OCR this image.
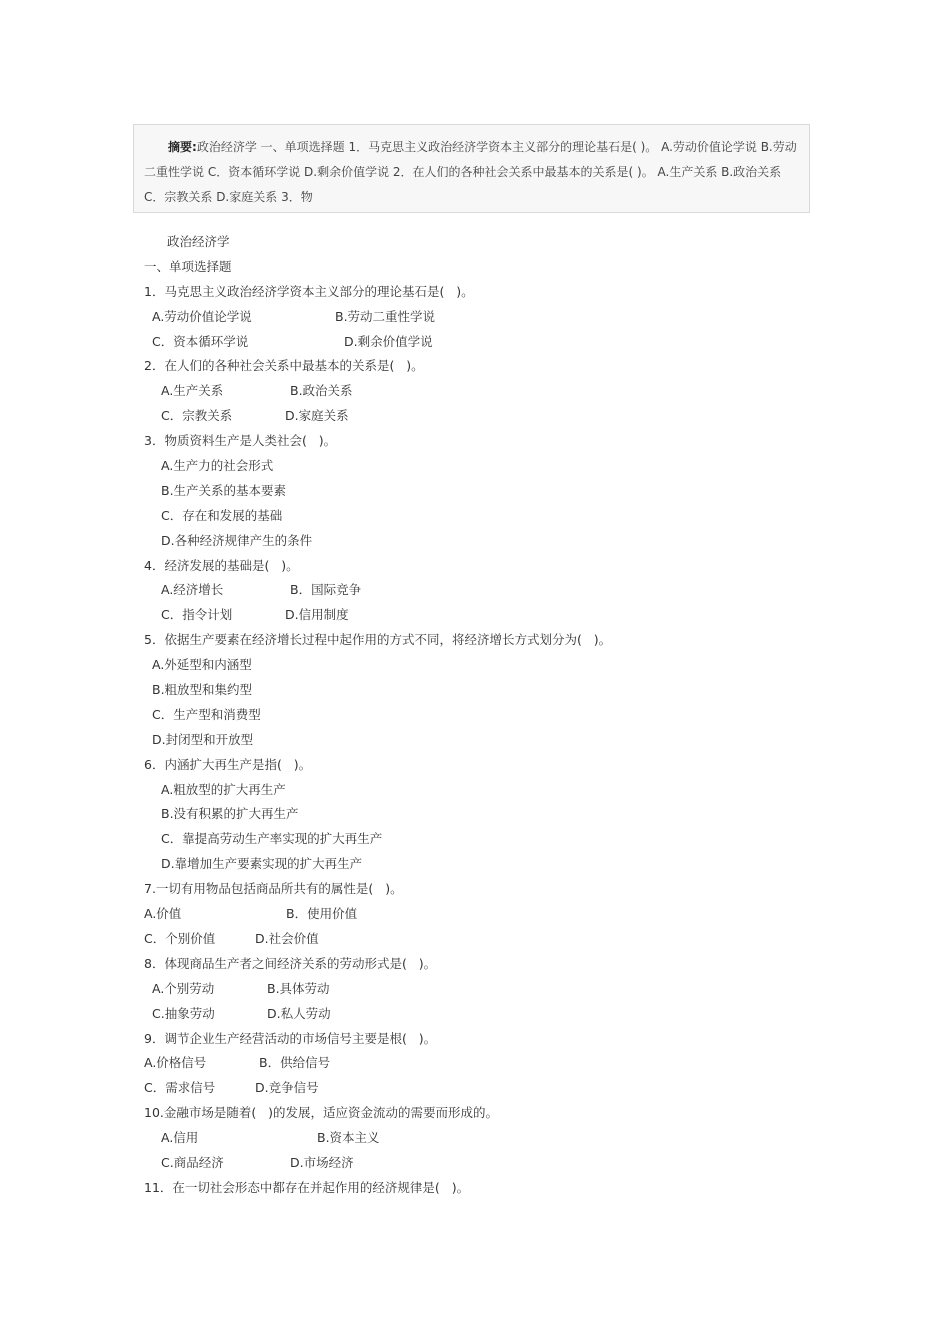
摘要:政治经济学 一、单项选择题 1．马克思主义政治经济学资本主义部分的理论基石是( )。 A.劳动价值论学说 B.劳动二重性学说 C．资本循环学说 D.剩余价值学说 2．在人们的各种社会关系中最基本的关系是( )。 A.生产关系 B.政治关系 C．宗教关系 D.家庭关系 3．物
政治经济学
一、单项选择题
1．马克思主义政治经济学资本主义部分的理论基石是(   )。
A.劳动价值论学说	B.劳动二重性学说
C．资本循环学说	D.剩余价值学说
2．在人们的各种社会关系中最基本的关系是(   )。
A.生产关系	B.政治关系
C．宗教关系	D.家庭关系
3．物质资料生产是人类社会(   )。
A.生产力的社会形式
B.生产关系的基本要素
C．存在和发展的基础
D.各种经济规律产生的条件
4．经济发展的基础是(   )。
A.经济增长	B．国际竞争
C．指令计划	D.信用制度
5．依据生产要素在经济增长过程中起作用的方式不同，将经济增长方式划分为(   )。
A.外延型和内涵型
B.粗放型和集约型
C．生产型和消费型
D.封闭型和开放型
6．内涵扩大再生产是指(   )。
A.粗放型的扩大再生产
B.没有积累的扩大再生产
C．靠提高劳动生产率实现的扩大再生产
D.靠增加生产要素实现的扩大再生产
7.一切有用物品包括商品所共有的属性是(   )。
A.价值	B．使用价值
C．个别价值	D.社会价值
8．体现商品生产者之间经济关系的劳动形式是(   )。
A.个别劳动	B.具体劳动
C.抽象劳动	D.私人劳动
9．调节企业生产经营活动的市场信号主要是根(   )。
A.价格信号	B．供给信号
C．需求信号	D.竞争信号
10.金融市场是随着(   )的发展，适应资金流动的需要而形成的。
A.信用	B.资本主义
C.商品经济	D.市场经济
11．在一切社会形态中都存在并起作用的经济规律是(   )。
